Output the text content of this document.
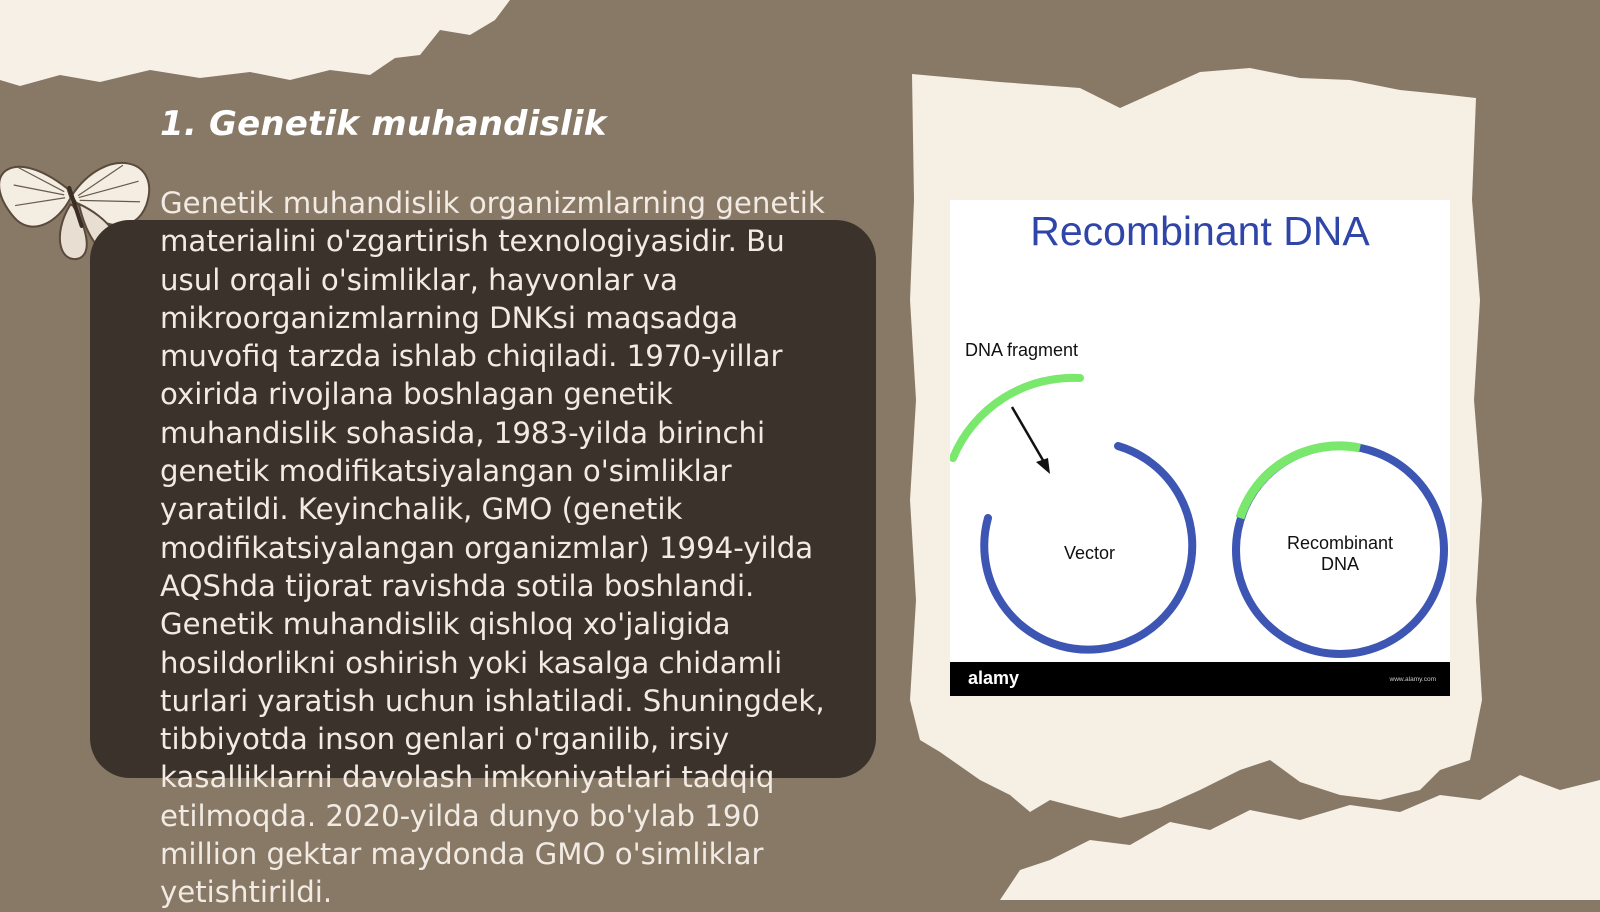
1. Genetik muhandislik

Genetik muhandislik organizmlarning genetik materialini o'zgartirish texnologiyasidir. Bu usul orqali o'simliklar, hayvonlar va mikroorganizmlarning DNKsi maqsadga muvofiq tarzda ishlab chiqiladi. 1970-yillar oxirida rivojlana boshlagan genetik muhandislik sohasida, 1983-yilda birinchi genetik modifikatsiyalangan o'simliklar yaratildi. Keyinchalik, GMO (genetik modifikatsiyalangan organizmlar) 1994-yilda AQShda tijorat ravishda sotila boshlandi. Genetik muhandislik qishloq xo'jaligida hosildorlikni oshirish yoki kasalga chidamli turlari yaratish uchun ishlatiladi. Shuningdek, tibbiyotda inson genlari o'rganilib, irsiy kasalliklarni davolash imkoniyatlari tadqiq etilmoqda. 2020-yilda dunyo bo'ylab 190 million gektar maydonda GMO o'simliklar yetishtirildi.

Recombinant DNA
DNA fragment
Vector	Recombinant
DNA
alamy	www.alamy.com
